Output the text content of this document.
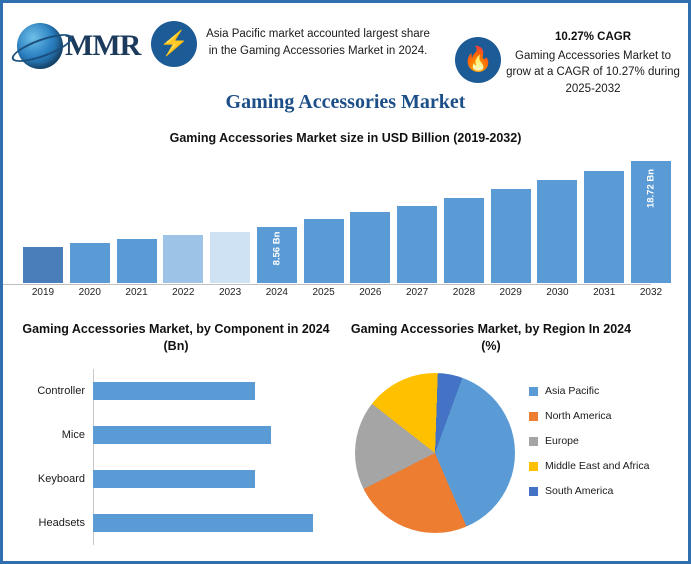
MMR ⚡	Asia Pacific market accounted largest share in the Gaming Accessories Market in 2024.	🔥
10.27% CAGR
Gaming Accessories Market to grow at a CAGR of 10.27% during 2025-2032
Gaming Accessories Market
Gaming Accessories Market size in USD Billion (2019-2032)
8.56 Bn
18.72 Bn
2019	2020	2021	2022	2023	2024	2025	2026	2027	2028	2029	2030	2031	2032
Gaming Accessories Market, by Component in 2024 (Bn)
Controller
Mice
Keyboard
Headsets
Gaming Accessories Market, by Region In 2024 (%)
Asia Pacific
North America
Europe
Middle East and Africa
South America
